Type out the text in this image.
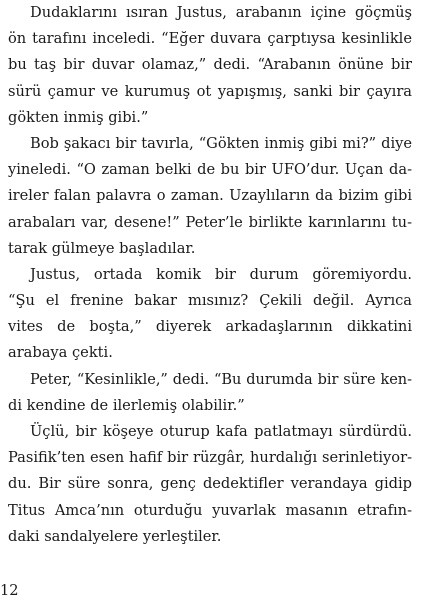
Dudaklarını ısıran Justus, arabanın içine göçmüş
ön tarafını inceledi. “Eğer duvara çarptıysa kesinlikle
bu taş bir duvar olamaz,” dedi. “Arabanın önüne bir
sürü çamur ve kurumuş ot yapışmış, sanki bir çayıra
gökten inmiş gibi.”

Bob şakacı bir tavırla, “Gökten inmiş gibi mi?” diye
yineledi. “O zaman belki de bu bir UFO’dur. Uçan da-
ireler falan palavra o zaman. Uzaylıların da bizim gibi
arabaları var, desene!” Peter’le birlikte karınlarını tu-
tarak gülmeye başladılar.

Justus, ortada komik bir durum göremiyordu.
“Şu el frenine bakar mısınız? Çekili değil. Ayrıca
vites de boşta,” diyerek arkadaşlarının dikkatini
arabaya çekti.

Peter, “Kesinlikle,” dedi. “Bu durumda bir süre ken-
di kendine de ilerlemiş olabilir.”

Üçlü, bir köşeye oturup kafa patlatmayı sürdürdü.
Pasifik’ten esen hafif bir rüzgâr, hurdalığı serinletiyor-
du. Bir süre sonra, genç dedektifler verandaya gidip
Titus Amca’nın oturduğu yuvarlak masanın etrafın-
daki sandalyelere yerleştiler.

12
